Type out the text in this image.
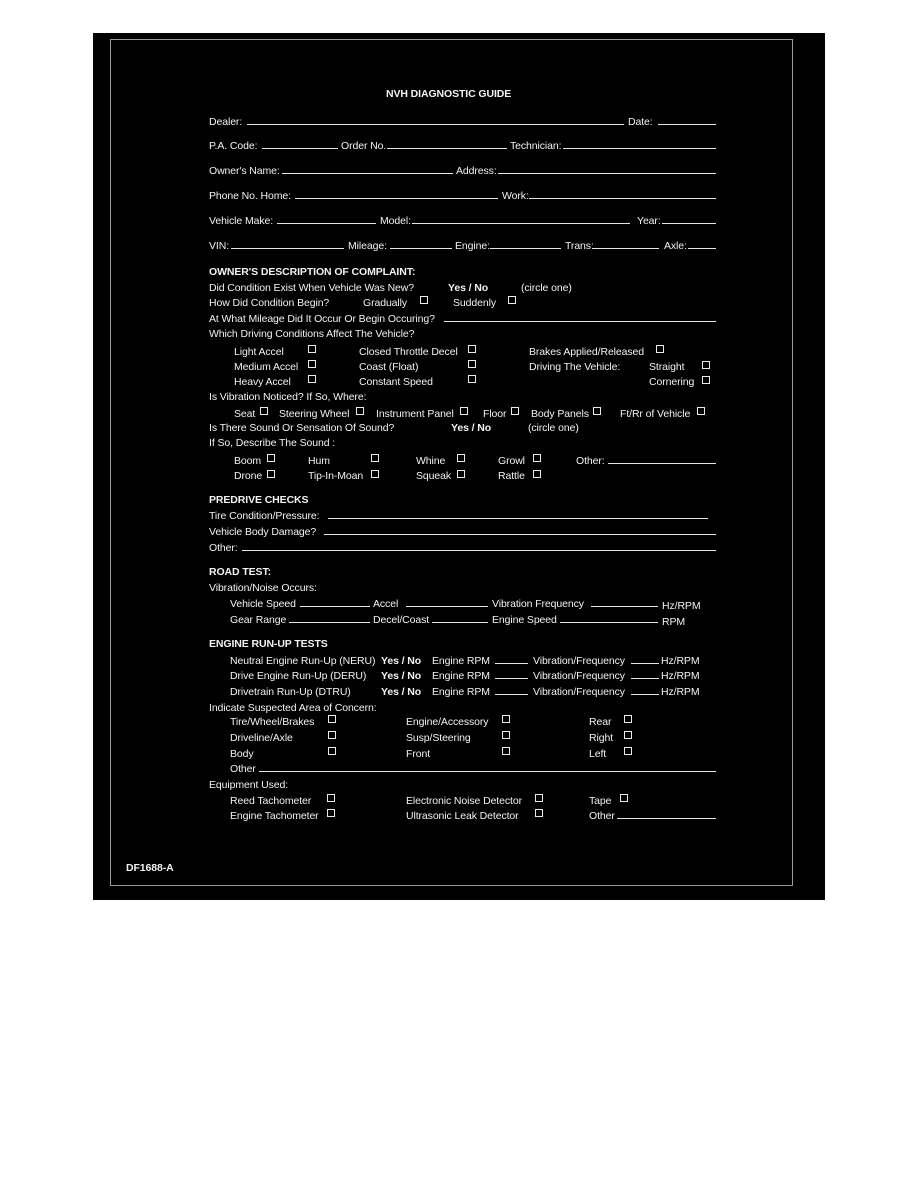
NVH DIAGNOSTIC GUIDE
Dealer:	Date:
P.A. Code:	Order No.	Technician:
Owner's Name:	Address:
Phone No. Home:	Work:
Vehicle Make:	Model:	Year:
VIN:	Mileage:	Engine:	Trans:	Axle:
OWNER'S DESCRIPTION OF COMPLAINT:
Did Condition Exist When Vehicle Was New?	Yes / No	(circle one)
How Did Condition Begin?	Gradually	Suddenly
At What Mileage Did It Occur Or Begin Occuring?
Which Driving Conditions Affect The Vehicle?
Light Accel	Closed Throttle Decel	Brakes Applied/Released
Medium Accel	Coast (Float)	Driving The Vehicle:	Straight
Heavy Accel	Constant Speed	Cornering
Is Vibration Noticed? If So, Where:
Seat Steering Wheel	Instrument Panel	Floor Body Panels	Ft/Rr of Vehicle
Is There Sound Or Sensation Of Sound?	Yes / No	(circle one)
If So, Describe The Sound :
Boom	Hum	Whine	Growl	Other:
Drone	Tip-In-Moan	Squeak	Rattle
PREDRIVE CHECKS
Tire Condition/Pressure:
Vehicle Body Damage?
Other:
ROAD TEST:
Vibration/Noise Occurs:
Vehicle Speed	Accel	Vibration Frequency	Hz/RPM
Gear Range	Decel/Coast	Engine Speed	RPM
ENGINE RUN-UP TESTS
Neutral Engine Run-Up (NERU) Yes / No Engine RPM	Vibration/Frequency	Hz/RPM
Drive Engine Run-Up (DERU) Yes / No Engine RPM	Vibration/Frequency	Hz/RPM
Drivetrain Run-Up (DTRU)	Yes / No Engine RPM	Vibration/Frequency	Hz/RPM
Indicate Suspected Area of Concern:
Tire/Wheel/Brakes	Engine/Accessory	Rear
Driveline/Axle	Susp/Steering	Right
Body	Front	Left
Other
Equipment Used:
Reed Tachometer	Electronic Noise Detector	Tape
Engine Tachometer	Ultrasonic Leak Detector	Other
DF1688-A
